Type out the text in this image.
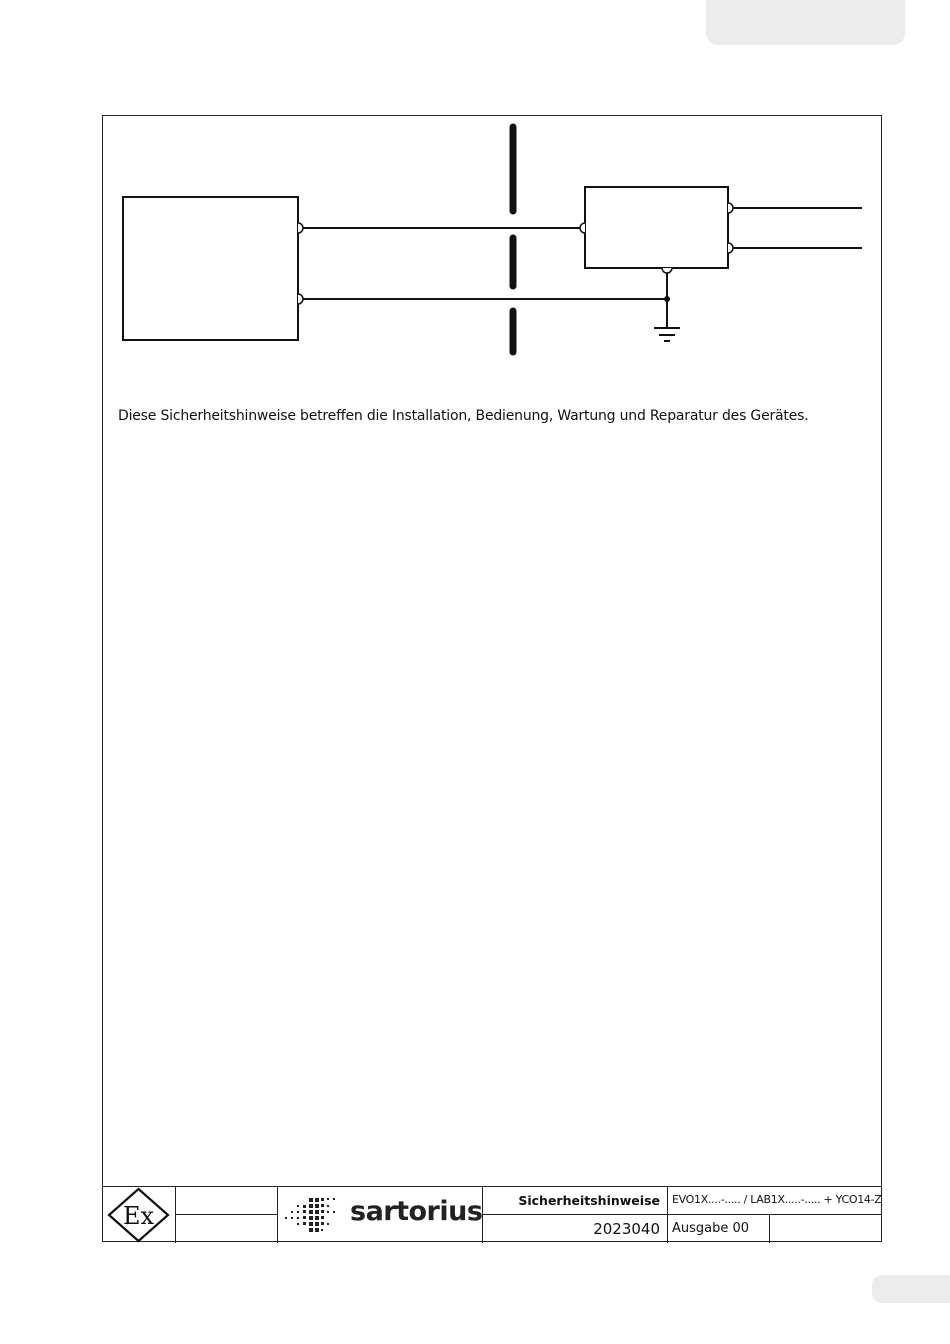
Diese Sicherheitshinweise betreffen die Installation, Bedienung, Wartung und Reparatur des Gerätes.
Ex	sartorius	Sicherheitshinweise
2023040
EVO1X....-..... / LAB1X.....-..... + YCO14-Z
Ausgabe 00
